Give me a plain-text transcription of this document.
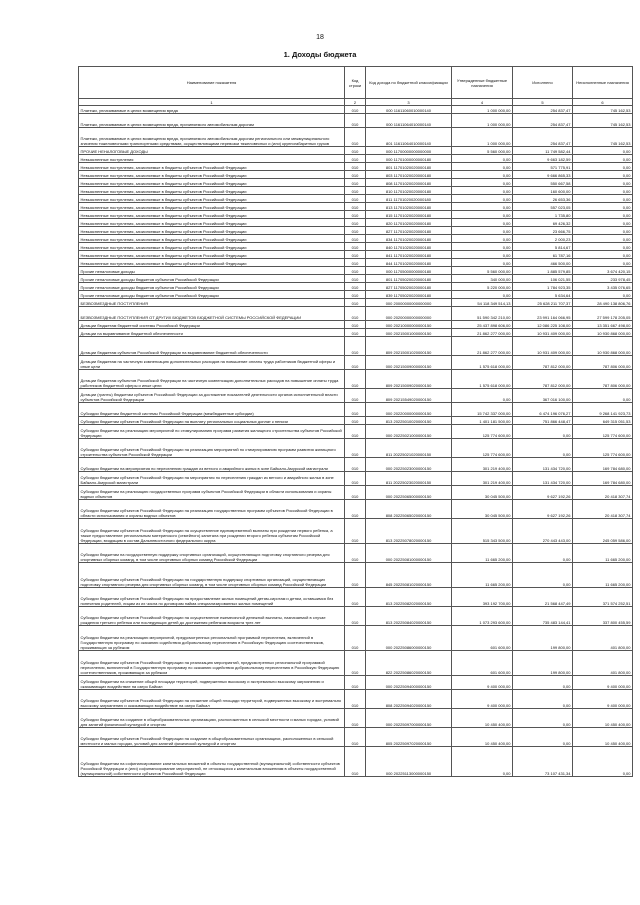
18
1. Доходы бюджета
Наименование показателя	Код строки	Код дохода по бюджетной классификации	Утвержденные бюджетные назначения	Исполнено	Неисполненные назначения
1	2	3	4	5	6
Платежи, уплачиваемые в целях возмещения вреда	010	000 11611060010000140	1 000 000,00	254 837,47	745 162,53
Платежи, уплачиваемые в целях возмещения вреда, причиняемого автомобильным дорогам	010	000 11611064010000140	1 000 000,00	254 837,47	745 162,53
Платежи, уплачиваемые в целях возмещения вреда, причиняемого автомобильным дорогам регионального или межмуниципального значения тяжеловесными транспортными средствами, осуществляющими перевозки тяжеловесных и (или) крупногабаритных грузов	010	801 11611064010000140	1 000 000,00	254 837,47	745 162,53
ПРОЧИЕ НЕНАЛОГОВЫЕ ДОХОДЫ	010	000 11700000000000000	5 560 000,00	11 749 582,44	0,00
Невыясненные поступления	010	000 11701000000000180	0,00	9 663 182,59	0,00
Невыясненные поступления, зачисляемые в бюджеты субъектов Российской Федерации	010	801 11701020020000180	0,00	571 775,91	0,00
Невыясненные поступления, зачисляемые в бюджеты субъектов Российской Федерации	010	803 11701020020000180	0,00	9 666 865,33	0,00
Невыясненные поступления, зачисляемые в бюджеты субъектов Российской Федерации	010	808 11701020020000180	0,00	550 667,58	0,00
Невыясненные поступления, зачисляемые в бюджеты субъектов Российской Федерации	010	810 11701020020000180	0,00	160 600,00	0,00
Невыясненные поступления, зачисляемые в бюджеты субъектов Российской Федерации	010	811 11701020020000180	0,00	26 653,36	0,00
Невыясненные поступления, зачисляемые в бюджеты субъектов Российской Федерации	010	813 11701020020000180	0,00	557 023,05	0,00
Невыясненные поступления, зачисляемые в бюджеты субъектов Российской Федерации	010	815 11701020020000180	0,00	1 735,80	0,00
Невыясненные поступления, зачисляемые в бюджеты субъектов Российской Федерации	010	820 11701020020000180	0,00	69 426,32	0,00
Невыясненные поступления, зачисляемые в бюджеты субъектов Российской Федерации	010	827 11701020020000180	0,00	23 666,75	0,00
Невыясненные поступления, зачисляемые в бюджеты субъектов Российской Федерации	010	834 11701020020000180	0,00	2 000,23	0,00
Невыясненные поступления, зачисляемые в бюджеты субъектов Российской Федерации	010	840 11701020020000180	0,00	5 814,67	0,00
Невыясненные поступления, зачисляемые в бюджеты субъектов Российской Федерации	010	841 11701020020000180	0,00	61 787,16	0,00
Невыясненные поступления, зачисляемые в бюджеты субъектов Российской Федерации	010	844 11701020020000180	0,00	466 500,00	0,00
Прочие неналоговые доходы	010	000 11705000000000180	5 560 000,00	1 885 579,85	3 674 420,15
Прочие неналоговые доходы бюджетов субъектов Российской Федерации	010	801 11705020020000180	340 000,00	106 021,55	233 978,45
Прочие неналоговые доходы бюджетов субъектов Российской Федерации	010	827 11705020020000180	5 220 000,00	1 784 923,35	3 435 076,65
Прочие неналоговые доходы бюджетов субъектов Российской Федерации	010	839 11705020020000180	0,00	5 634,64	0,00
БЕЗВОЗМЕЗДНЫЕ ПОСТУПЛЕНИЯ	010	000 20000000000000000	54 118 349 514,13	25 628 211 707,37	28 490 138 806,76
БЕЗВОЗМЕЗДНЫЕ ПОСТУПЛЕНИЯ ОТ ДРУГИХ БЮДЖЕТОВ БЮДЖЕТНОЙ СИСТЕМЫ РОССИЙСКОЙ ФЕДЕРАЦИИ	010	000 20200000000000000	51 590 342 210,00	23 991 164 066,95	27 599 178 205,05
Дотации бюджетам бюджетной системы Российской Федерации	010	000 20210000000000150	25 437 898 606,00	12 086 225 108,00	13 351 667 498,00
Дотации на выравнивание бюджетной обеспеченности	010	000 20215001000000150	21 862 277 000,00	10 931 409 000,00	10 930 868 000,00
Дотации бюджетам субъектов Российской Федерации на выравнивание бюджетной обеспеченности	010	809 20215001020000150	21 862 277 000,00	10 931 409 000,00	10 930 868 000,00
Дотации бюджетам на частичную компенсацию дополнительных расходов на повышение оплаты труда работников бюджетной сферы и иные цели	010	000 20215009000000150	1 575 618 000,00	787 812 000,00	787 806 000,00
Дотации бюджетам субъектов Российской Федерации на частичную компенсацию дополнительных расходов на повышение оплаты труда работников бюджетной сферы и иные цели	010	809 20215009020000150	1 575 618 000,00	787 812 000,00	787 806 000,00
Дотации (гранты) бюджетам субъектов Российской Федерации за достижение показателей деятельности органов исполнительной власти субъектов Российской Федерации	010	809 20215549020000150	0,00	367 016 100,00	0,00
Субсидии бюджетам бюджетной системы Российской Федерации (межбюджетные субсидии)	010	000 20220000000000150	15 742 337 000,00	6 474 196 076,27	9 268 141 923,73
Субсидии бюджетам субъектов Российской Федерации на выплату региональных социальных доплат к пенсии	010	813 20225010020000150	1 401 181 500,00	751 866 448,47	649 315 051,53
Субсидии бюджетам на реализацию мероприятий по стимулированию программ развития жилищного строительства субъектов Российской Федерации	010	000 20225021000000150	125 774 600,00	0,00	125 774 600,00
Субсидии бюджетам субъектов Российской Федерации на реализацию мероприятий по стимулированию программ развития жилищного строительства субъектов Российской Федерации	010	811 20225021020000150	125 774 600,00	0,00	125 774 600,00
Субсидии бюджетам на мероприятия по переселению граждан из ветхого и аварийного жилья в зоне Байкало-Амурской магистрали	010	000 20225023000000150	301 219 400,00	131 434 720,00	169 784 680,00
Субсидии бюджетам субъектов Российской Федерации на мероприятия по переселению граждан из ветхого и аварийного жилья в зоне Байкало-Амурской магистрали	010	811 20225023020000150	301 219 400,00	131 434 720,00	169 784 680,00
Субсидии бюджетам на реализацию государственных программ субъектов Российской Федерации в области использования и охраны водных объектов	010	000 20225065000000150	30 045 500,00	9 627 192,26	20 418 307,74
Субсидии бюджетам субъектов Российской Федерации на реализацию государственных программ субъектов Российской Федерации в области использования и охраны водных объектов	010	808 20225065020000150	30 045 500,00	9 627 192,26	20 418 307,74
Субсидии бюджетам субъектов Российской Федерации на осуществление единовременной выплаты при рождении первого ребенка, а также предоставление региональным материнского (семейного) капитала при рождении второго ребенка субъектам Российской Федерации, входящим в состав Дальневосточного федерального округа	010	813 20225078020000150	515 343 500,00	270 443 443,00	245 059 586,00
Субсидии бюджетам на государственную поддержку спортивных организаций, осуществляющих подготовку спортивного резерва для спортивных сборных команд, в том числе спортивных сборных команд Российской Федерации	010	000 20225081000000150	11 665 200,00	0,00	11 665 200,00
Субсидии бюджетам субъектов Российской Федерации на государственную поддержку спортивных организаций, осуществляющих подготовку спортивного резерва для спортивных сборных команд, в том числе спортивных сборных команд Российской Федерации	010	845 20225081020000150	11 665 200,00	0,00	11 665 200,00
Субсидии бюджетам субъектов Российской Федерации на предоставление жилых помещений детям-сиротам и детям, оставшимся без попечения родителей, лицам из их числа по договорам найма специализированных жилых помещений	010	813 20225082020000150	393 192 700,00	21 568 447,49	371 574 252,51
Субсидии бюджетам субъектов Российской Федерации на осуществление ежемесячной денежной выплаты, назначаемой в случае рождения третьего ребенка или последующих детей до достижения ребенком возраста трех лет	010	813 20225084020000150	1 073 293 600,00	735 483 144,41	337 800 455,59
Субсидии бюджетам на реализацию мероприятий, предусмотренных региональной программой переселения, включенной в Государственную программу по оказанию содействия добровольному переселению в Российскую Федерацию соотечественников, проживающих за рубежом	010	000 20225086000000150	601 600,00	199 800,00	401 800,00
Субсидии бюджетам субъектов Российской Федерации на реализацию мероприятий, предусмотренных региональной программой переселения, включенной в Государственную программу по оказанию содействия добровольному переселению в Российскую Федерацию соотечественников, проживающих за рубежом	010	822 20225086020000150	601 600,00	199 800,00	401 800,00
Субсидии бюджетам на снижение общей площади территорий, подверженных высокому и экстремально высокому загрязнению и оказывающих воздействие на озеро Байкал	010	000 20225094000000150	9 400 000,00	0,00	9 400 000,00
Субсидии бюджетам субъектов Российской Федерации на снижение общей площади территорий, подверженных высокому и экстремально высокому загрязнению и оказывающих воздействие на озеро Байкал	010	808 20225094020000150	9 400 000,00	0,00	9 400 000,00
Субсидии бюджетам на создание в общеобразовательных организациях, расположенных в сельской местности и малых городах, условий для занятий физической культурой и спортом	010	000 20225097000000150	10 450 400,00	0,00	10 450 400,00
Субсидии бюджетам субъектов Российской Федерации на создание в общеобразовательных организациях, расположенных в сельской местности и малых городах, условий для занятий физической культурой и спортом	010	805 20225097020000150	10 450 400,00	0,00	10 450 400,00
Субсидии бюджетам на софинансирование капитальных вложений в объекты государственной (муниципальной) собственности субъектов Российской Федерации и (или) софинансирование мероприятий, не относящихся к капитальным вложениям в объекты государственной (муниципальной) собственности субъектов Российской Федерации	010	000 20225113000000150	0,00	73 107 431,34	0,00
